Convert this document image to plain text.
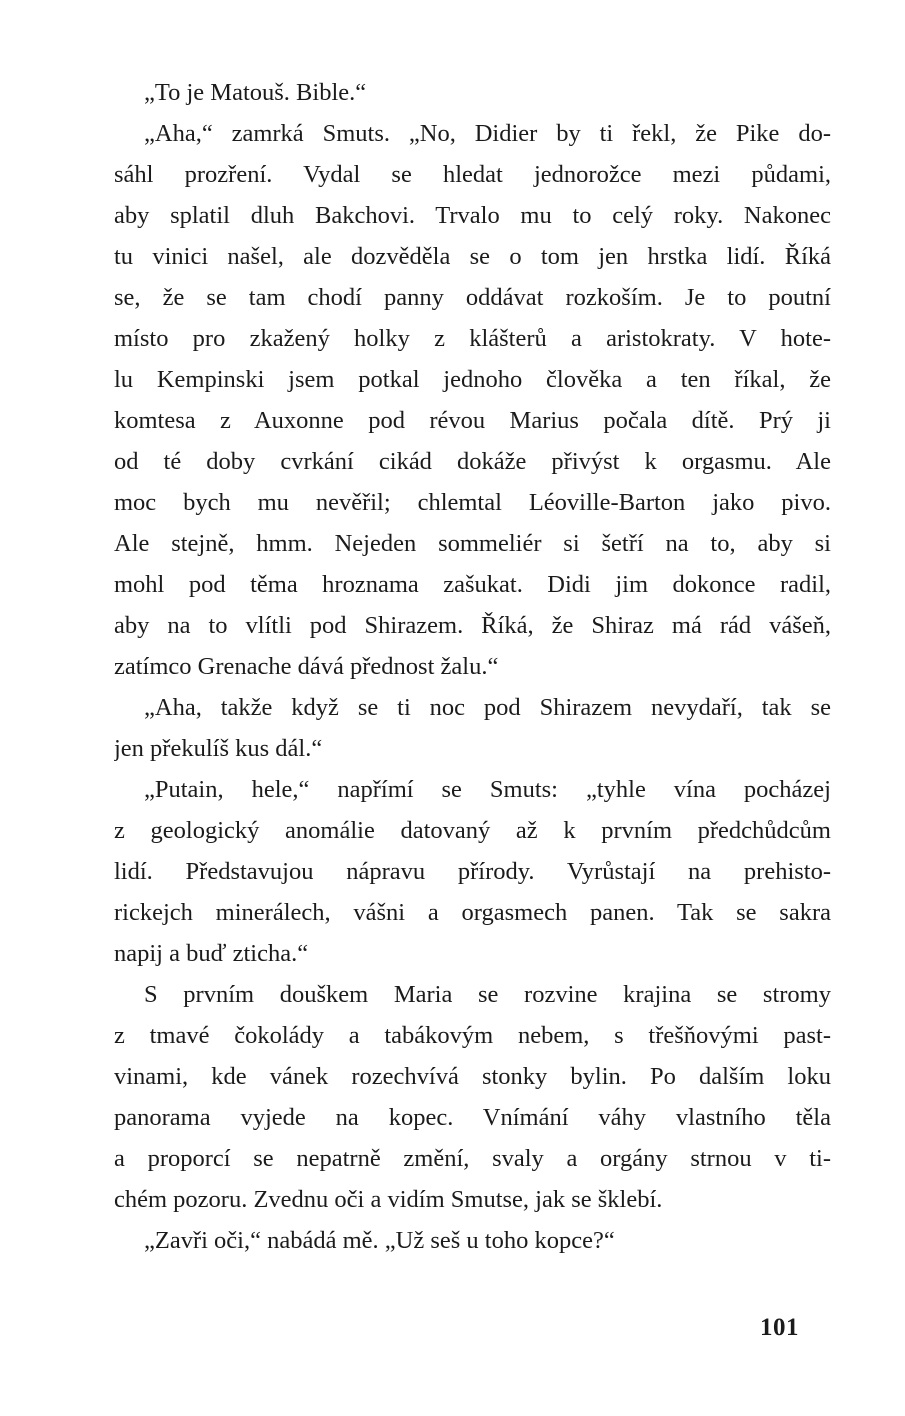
„To je Matouš. Bible.“
„Aha,“ zamrká Smuts. „No, Didier by ti řekl, že Pike do-
sáhl prozření. Vydal se hledat jednorožce mezi půdami,
aby splatil dluh Bakchovi. Trvalo mu to celý roky. Nakonec
tu vinici našel, ale dozvěděla se o tom jen hrstka lidí. Říká
se, že se tam chodí panny oddávat rozkoším. Je to poutní
místo pro zkažený holky z klášterů a aristokraty. V hote-
lu Kempinski jsem potkal jednoho člověka a ten říkal, že
komtesa z Auxonne pod révou Marius počala dítě. Prý ji
od té doby cvrkání cikád dokáže přivýst k orgasmu. Ale
moc bych mu nevěřil; chlemtal Léoville-Barton jako pivo.
Ale stejně, hmm. Nejeden sommeliér si šetří na to, aby si
mohl pod těma hroznama zašukat. Didi jim dokonce radil,
aby na to vlítli pod Shirazem. Říká, že Shiraz má rád vášeň,
zatímco Grenache dává přednost žalu.“
„Aha, takže když se ti noc pod Shirazem nevydaří, tak se
jen překulíš kus dál.“
„Putain, hele,“ napřímí se Smuts: „tyhle vína pocházej
z geologický anomálie datovaný až k prvním předchůdcům
lidí. Představujou nápravu přírody. Vyrůstají na prehisto-
rickejch minerálech, vášni a orgasmech panen. Tak se sakra
napij a buď zticha.“
S prvním douškem Maria se rozvine krajina se stromy
z tmavé čokolády a tabákovým nebem, s třešňovými past-
vinami, kde vánek rozechvívá stonky bylin. Po dalším loku
panorama vyjede na kopec. Vnímání váhy vlastního těla
a proporcí se nepatrně změní, svaly a orgány strnou v ti-
chém pozoru. Zvednu oči a vidím Smutse, jak se šklebí.
„Zavři oči,“ nabádá mě. „Už seš u toho kopce?“
101
